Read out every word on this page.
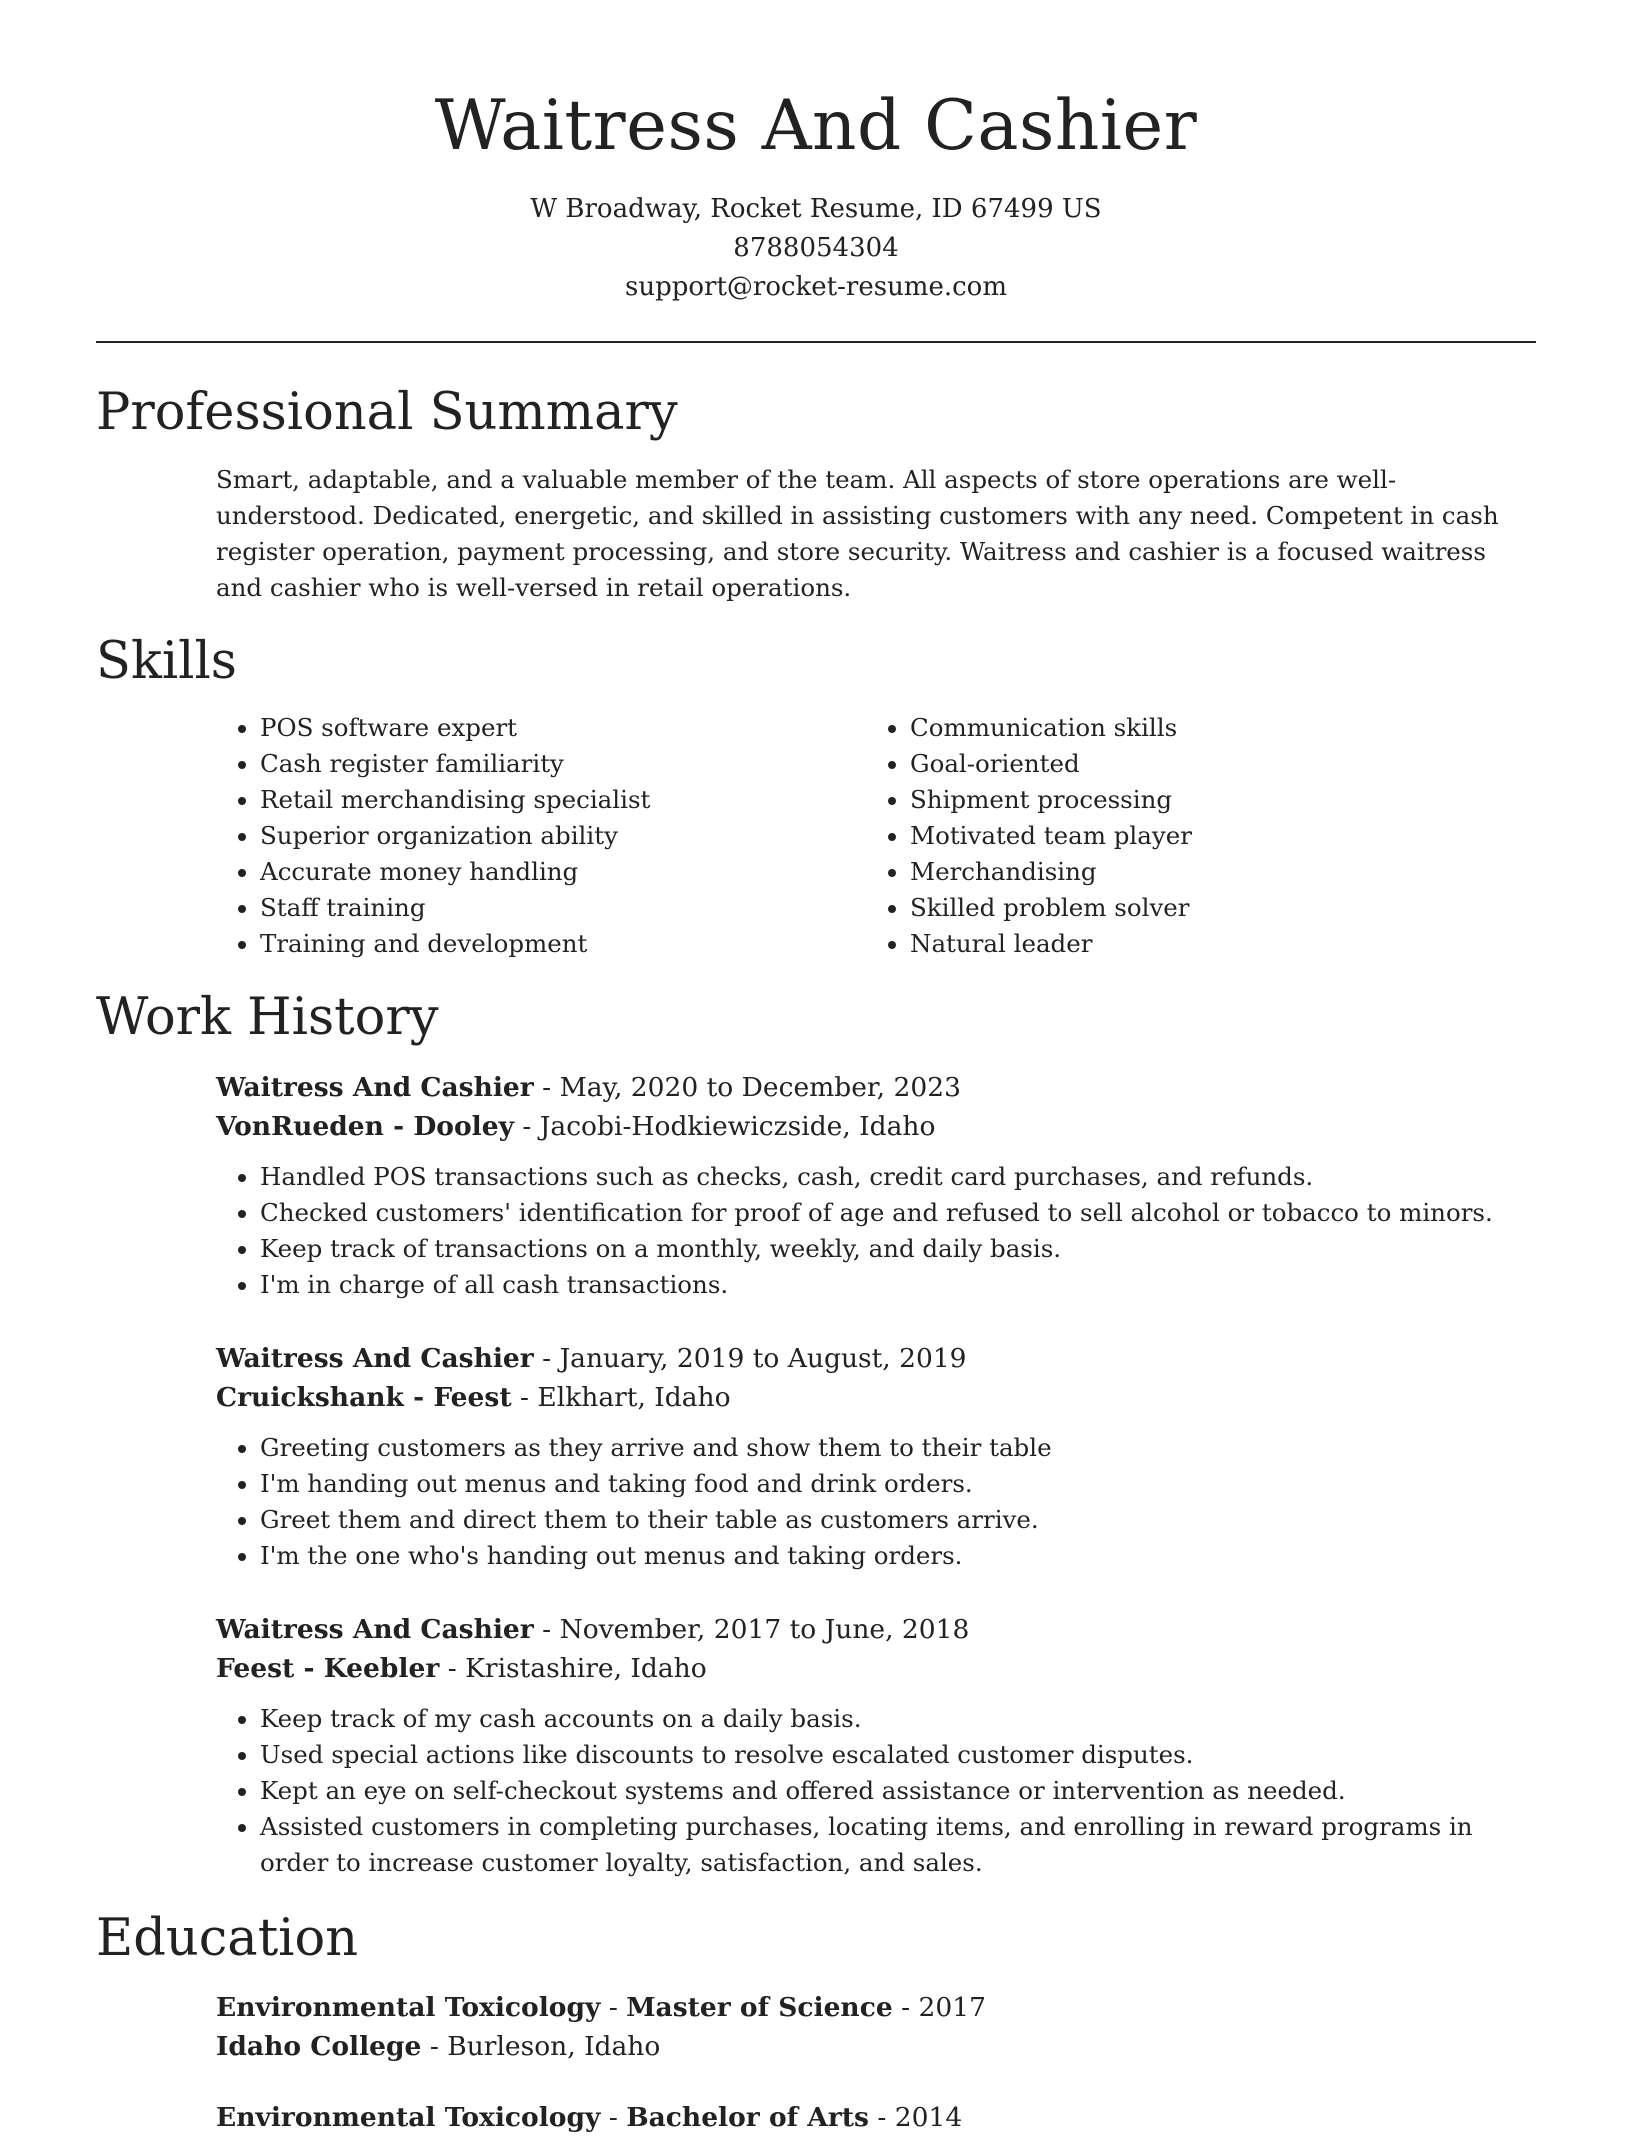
Waitress And Cashier
W Broadway, Rocket Resume, ID 67499 US
8788054304
support@rocket-resume.com
Professional Summary

Smart, adaptable, and a valuable member of the team. All aspects of store operations are well-understood. Dedicated, energetic, and skilled in assisting customers with any need. Competent in cash register operation, payment processing, and store security. Waitress and cashier is a focused waitress and cashier who is well-versed in retail operations.

Skills
• POS software expert
• Cash register familiarity
• Retail merchandising specialist
• Superior organization ability
• Accurate money handling
• Staff training
• Training and development
• Communication skills
• Goal-oriented
• Shipment processing
• Motivated team player
• Merchandising
• Skilled problem solver
• Natural leader
Work History
Waitress And Cashier - May, 2020 to December, 2023
VonRueden - Dooley - Jacobi-Hodkiewiczside, Idaho
• Handled POS transactions such as checks, cash, credit card purchases, and refunds.
• Checked customers' identification for proof of age and refused to sell alcohol or tobacco to minors.
• Keep track of transactions on a monthly, weekly, and daily basis.
• I'm in charge of all cash transactions.
Waitress And Cashier - January, 2019 to August, 2019
Cruickshank - Feest - Elkhart, Idaho
• Greeting customers as they arrive and show them to their table
• I'm handing out menus and taking food and drink orders.
• Greet them and direct them to their table as customers arrive.
• I'm the one who's handing out menus and taking orders.
Waitress And Cashier - November, 2017 to June, 2018
Feest - Keebler - Kristashire, Idaho
• Keep track of my cash accounts on a daily basis.
• Used special actions like discounts to resolve escalated customer disputes.
• Kept an eye on self-checkout systems and offered assistance or intervention as needed.
• Assisted customers in completing purchases, locating items, and enrolling in reward programs in order to increase customer loyalty, satisfaction, and sales.
Education
Environmental Toxicology - Master of Science - 2017
Idaho College - Burleson, Idaho
Environmental Toxicology - Bachelor of Arts - 2014
